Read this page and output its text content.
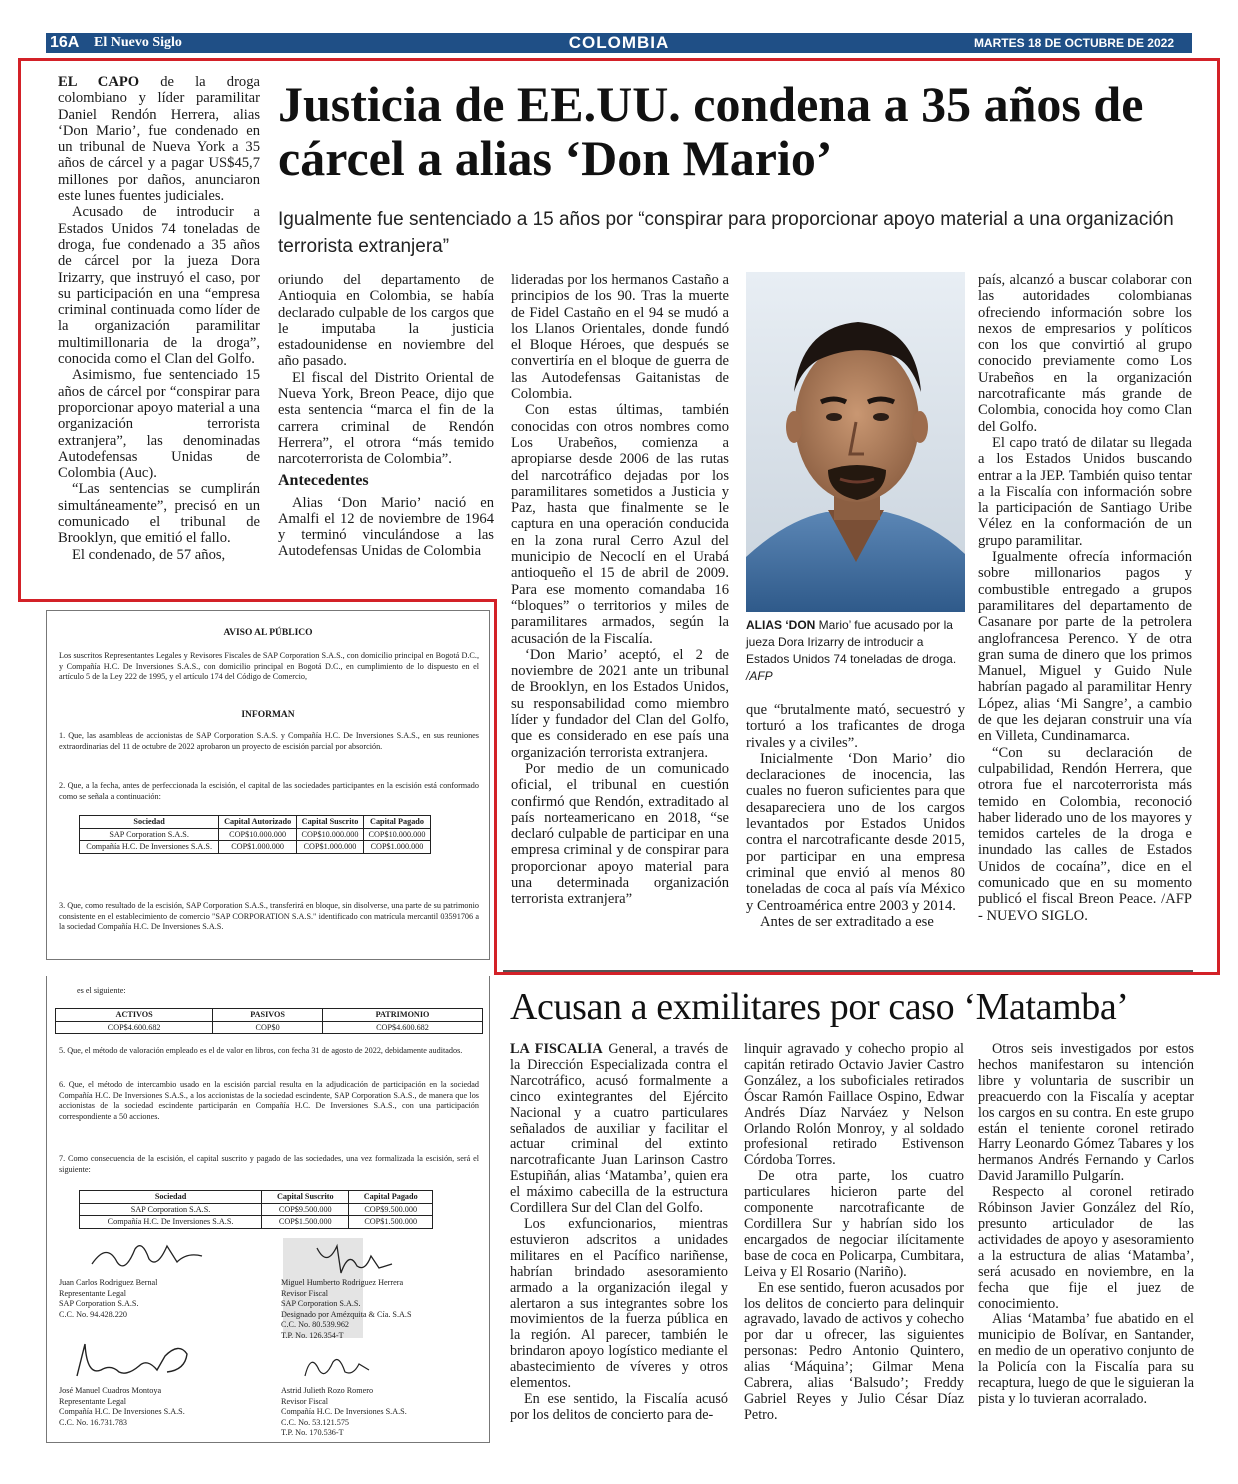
16A El Nuevo Siglo	COLOMBIA	MARTES 18 DE OCTUBRE DE 2022

EL CAPO de la droga colombiano y líder paramilitar Daniel Rendón Herrera, alias ‘Don Mario’, fue condenado en un tribunal de Nueva York a 35 años de cárcel y a pagar US$45,7 millones por daños, anunciaron este lunes fuentes judiciales.

Acusado de introducir a Estados Unidos 74 toneladas de droga, fue condenado a 35 años de cárcel por la jueza Dora Irizarry, que instruyó el caso, por su participación en una “empresa criminal continuada como líder de la organización paramilitar multimillonaria de la droga”, conocida como el Clan del Golfo.

Asimismo, fue sentenciado 15 años de cárcel por “conspirar para proporcionar apoyo material a una organización terrorista extranjera”, las denominadas Autodefensas Unidas de Colombia (Auc).

“Las sentencias se cumplirán simultáneamente”, precisó en un comunicado el tribunal de Brooklyn, que emitió el fallo.

El condenado, de 57 años,

Justicia de EE.UU. condena a 35 años de cárcel a alias ‘Don Mario’
Igualmente fue sentenciado a 15 años por “conspirar para proporcionar apoyo material a una organización terrorista extranjera”

oriundo del departamento de Antioquia en Colombia, se había declarado culpable de los cargos que le imputaba la justicia estadounidense en noviembre del año pasado.

El fiscal del Distrito Oriental de Nueva York, Breon Peace, dijo que esta sentencia “marca el fin de la carrera criminal de Rendón Herrera”, el otrora “más temido narcoterrorista de Colombia”.

Antecedentes

Alias ‘Don Mario’ nació en Amalfi el 12 de noviembre de 1964 y terminó vinculándose a las Autodefensas Unidas de Colombia

lideradas por los hermanos Castaño a principios de los 90. Tras la muerte de Fidel Castaño en el 94 se mudó a los Llanos Orientales, donde fundó el Bloque Héroes, que después se convertiría en el bloque de guerra de las Autodefensas Gaitanistas de Colombia.

Con estas últimas, también conocidas con otros nombres como Los Urabeños, comienza a apropiarse desde 2006 de las rutas del narcotráfico dejadas por los paramilitares sometidos a Justicia y Paz, hasta que finalmente se le captura en una operación conducida en la zona rural Cerro Azul del municipio de Necoclí en el Urabá antioqueño el 15 de abril de 2009. Para ese momento comandaba 16 “bloques” o territorios y miles de paramilitares armados, según la acusación de la Fiscalía.

‘Don Mario’ aceptó, el 2 de noviembre de 2021 ante un tribunal de Brooklyn, en los Estados Unidos, su responsabilidad como miembro líder y fundador del Clan del Golfo, que es considerado en ese país una organización terrorista extranjera.

Por medio de un comunicado oficial, el tribunal en cuestión confirmó que Rendón, extraditado al país norteamericano en 2018, “se declaró culpable de participar en una empresa criminal y de conspirar para proporcionar apoyo material para una determinada organización terrorista extranjera”

ALIAS ‘DON Mario’ fue acusado por la jueza Dora Irizarry de introducir a Estados Unidos 74 toneladas de droga. /AFP

que “brutalmente mató, secuestró y torturó a los traficantes de droga rivales y a civiles”.

Inicialmente ‘Don Mario’ dio declaraciones de inocencia, las cuales no fueron suficientes para que desapareciera uno de los cargos levantados por Estados Unidos contra el narcotraficante desde 2015, por participar en una empresa criminal que envió al menos 80 toneladas de coca al país vía México y Centroamérica entre 2003 y 2014.

Antes de ser extraditado a ese

país, alcanzó a buscar colaborar con las autoridades colombianas ofreciendo información sobre los nexos de empresarios y políticos con los que convirtió al grupo conocido previamente como Los Urabeños en la organización narcotraficante más grande de Colombia, conocida hoy como Clan del Golfo.

El capo trató de dilatar su llegada a los Estados Unidos buscando entrar a la JEP. También quiso tentar a la Fiscalía con información sobre la participación de Santiago Uribe Vélez en la conformación de un grupo paramilitar.

Igualmente ofrecía información sobre millonarios pagos y combustible entregado a grupos paramilitares del departamento de Casanare por parte de la petrolera anglofrancesa Perenco. Y de otra gran suma de dinero que los primos Manuel, Miguel y Guido Nule habrían pagado al paramilitar Henry López, alias ‘Mi Sangre’, a cambio de que les dejaran construir una vía en Villeta, Cundinamarca.

“Con su declaración de culpabilidad, Rendón Herrera, que otrora fue el narcoterrorista más temido en Colombia, reconoció haber liderado uno de los mayores y temidos carteles de la droga e inundado las calles de Estados Unidos de cocaína”, dice en el comunicado que en su momento publicó el fiscal Breon Peace. /AFP - NUEVO SIGLO.

AVISO AL PÚBLICO
Los suscritos Representantes Legales y Revisores Fiscales de SAP Corporation S.A.S., con domicilio principal en Bogotá D.C., y Compañía H.C. De Inversiones S.A.S., con domicilio principal en Bogotá D.C., en cumplimiento de lo dispuesto en el artículo 5 de la Ley 222 de 1995, y el artículo 174 del Código de Comercio,
INFORMAN
1. Que, las asambleas de accionistas de SAP Corporation S.A.S. y Compañía H.C. De Inversiones S.A.S., en sus reuniones extraordinarias del 11 de octubre de 2022 aprobaron un proyecto de escisión parcial por absorción.
2. Que, a la fecha, antes de perfeccionada la escisión, el capital de las sociedades participantes en la escisión está conformado como se señala a continuación:
Sociedad	Capital Autorizado	Capital Suscrito	Capital Pagado
SAP Corporation S.A.S.	COP$10.000.000	COP$10.000.000	COP$10.000.000
Compañía H.C. De Inversiones S.A.S.	COP$1.000.000	COP$1.000.000	COP$1.000.000
3. Que, como resultado de la escisión, SAP Corporation S.A.S., transferirá en bloque, sin disolverse, una parte de su patrimonio consistente en el establecimiento de comercio "SAP CORPORATION S.A.S." identificado con matrícula mercantil 03591706 a la sociedad Compañía H.C. De Inversiones S.A.S.
es el siguiente:
ACTIVOS	PASIVOS	PATRIMONIO
COP$4.600.682	COP$0	COP$4.600.682
5. Que, el método de valoración empleado es el de valor en libros, con fecha 31 de agosto de 2022, debidamente auditados.
6. Que, el método de intercambio usado en la escisión parcial resulta en la adjudicación de participación en la sociedad Compañía H.C. De Inversiones S.A.S., a los accionistas de la sociedad escindente, SAP Corporation S.A.S., de manera que los accionistas de la sociedad escindente participarán en Compañía H.C. De Inversiones S.A.S., con una participación correspondiente a 50 acciones.
7. Como consecuencia de la escisión, el capital suscrito y pagado de las sociedades, una vez formalizada la escisión, será el siguiente:
Sociedad	Capital Suscrito	Capital Pagado
SAP Corporation S.A.S.	COP$9.500.000	COP$9.500.000
Compañía H.C. De Inversiones S.A.S.	COP$1.500.000	COP$1.500.000
Juan Carlos Rodriguez Bernal
Representante Legal
SAP Corporation S.A.S.
C.C. No. 94.428.220
Miguel Humberto Rodriguez Herrera
Revisor Fiscal
SAP Corporation S.A.S.
Designado por Amézquita & Cía. S.A.S
C.C. No. 80.539.962
T.P. No. 126.354-T
José Manuel Cuadros Montoya
Representante Legal
Compañía H.C. De Inversiones S.A.S.
C.C. No. 16.731.783
Astrid Julieth Rozo Romero
Revisor Fiscal
Compañía H.C. De Inversiones S.A.S.
C.C. No. 53.121.575
T.P. No. 170.536-T
Acusan a exmilitares por caso ‘Matamba’

LA FISCALÍA General, a través de la Dirección Especializada contra el Narcotráfico, acusó formalmente a cinco exintegrantes del Ejército Nacional y a cuatro particulares señalados de auxiliar y facilitar el actuar criminal del extinto narcotraficante Juan Larinson Castro Estupiñán, alias ‘Matamba’, quien era el máximo cabecilla de la estructura Cordillera Sur del Clan del Golfo.

Los exfuncionarios, mientras estuvieron adscritos a unidades militares en el Pacífico nariñense, habrían brindado asesoramiento armado a la organización ilegal y alertaron a sus integrantes sobre los movimientos de la fuerza pública en la región. Al parecer, también le brindaron apoyo logístico mediante el abastecimiento de víveres y otros elementos.

En ese sentido, la Fiscalía acusó por los delitos de concierto para de-

linquir agravado y cohecho propio al capitán retirado Octavio Javier Castro González, a los suboficiales retirados Óscar Ramón Faillace Ospino, Edwar Andrés Díaz Narváez y Nelson Orlando Rolón Monroy, y al soldado profesional retirado Estivenson Córdoba Torres.

De otra parte, los cuatro particulares hicieron parte del componente narcotraficante de Cordillera Sur y habrían sido los encargados de negociar ilícitamente base de coca en Policarpa, Cumbitara, Leiva y El Rosario (Nariño).

En ese sentido, fueron acusados por los delitos de concierto para delinquir agravado, lavado de activos y cohecho por dar u ofrecer, las siguientes personas: Pedro Antonio Quintero, alias ‘Máquina’; Gilmar Mena Cabrera, alias ‘Balsudo’; Freddy Gabriel Reyes y Julio César Díaz Petro.

Otros seis investigados por estos hechos manifestaron su intención libre y voluntaria de suscribir un preacuerdo con la Fiscalía y aceptar los cargos en su contra. En este grupo están el teniente coronel retirado Harry Leonardo Gómez Tabares y los hermanos Andrés Fernando y Carlos David Jaramillo Pulgarín.

Respecto al coronel retirado Róbinson Javier González del Río, presunto articulador de las actividades de apoyo y asesoramiento a la estructura de alias ‘Matamba’, será acusado en noviembre, en la fecha que fije el juez de conocimiento.

Alias ‘Matamba’ fue abatido en el municipio de Bolívar, en Santander, en medio de un operativo conjunto de la Policía con la Fiscalía para su recaptura, luego de que le siguieran la pista y lo tuvieran acorralado.
